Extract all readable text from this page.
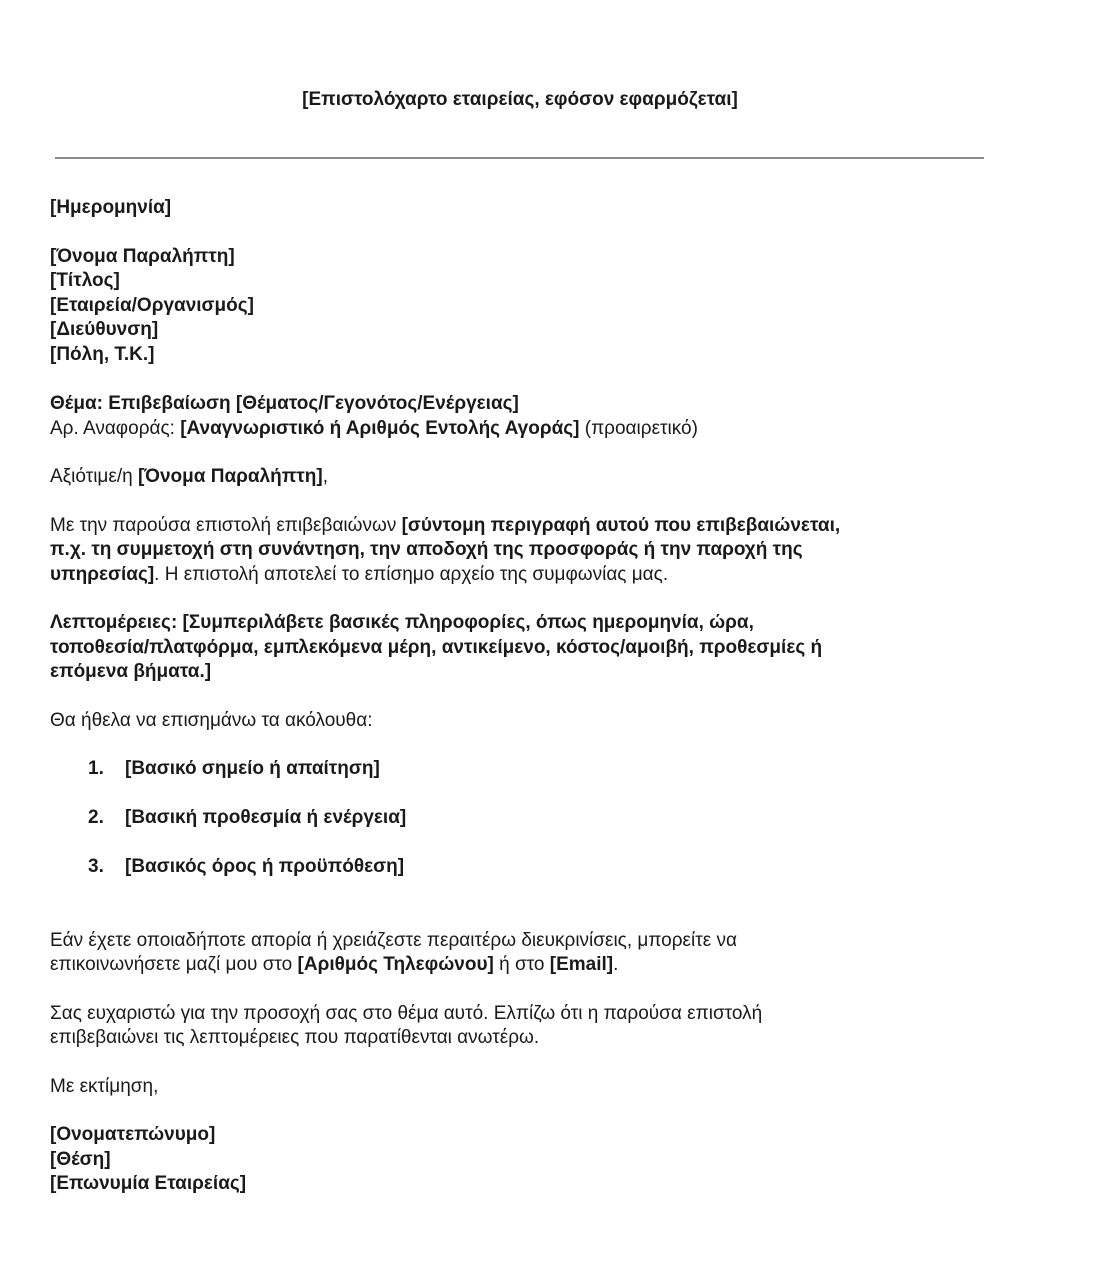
[Επιστολόχαρτο εταιρείας, εφόσον εφαρμόζεται]
[Ημερομηνία]
[Όνομα Παραλήπτη]
[Τίτλος]
[Εταιρεία/Οργανισμός]
[Διεύθυνση]
[Πόλη, Τ.Κ.]
Θέμα: Επιβεβαίωση [Θέματος/Γεγονότος/Ενέργειας]
Αρ. Αναφοράς: [Αναγνωριστικό ή Αριθμός Εντολής Αγοράς] (προαιρετικό)
Αξιότιμε/η [Όνομα Παραλήπτη],
Με την παρούσα επιστολή επιβεβαιώνων [σύντομη περιγραφή αυτού που επιβεβαιώνεται,
π.χ. τη συμμετοχή στη συνάντηση, την αποδοχή της προσφοράς ή την παροχή της
υπηρεσίας]. Η επιστολή αποτελεί το επίσημο αρχείο της συμφωνίας μας.
Λεπτομέρειες: [Συμπεριλάβετε βασικές πληροφορίες, όπως ημερομηνία, ώρα,
τοποθεσία/πλατφόρμα, εμπλεκόμενα μέρη, αντικείμενο, κόστος/αμοιβή, προθεσμίες ή
επόμενα βήματα.]
Θα ήθελα να επισημάνω τα ακόλουθα:
1. [Βασικό σημείο ή απαίτηση]
2. [Βασική προθεσμία ή ενέργεια]
3. [Βασικός όρος ή προϋπόθεση]
Εάν έχετε οποιαδήποτε απορία ή χρειάζεστε περαιτέρω διευκρινίσεις, μπορείτε να
επικοινωνήσετε μαζί μου στο [Αριθμός Τηλεφώνου] ή στο [Email].
Σας ευχαριστώ για την προσοχή σας στο θέμα αυτό. Ελπίζω ότι η παρούσα επιστολή
επιβεβαιώνει τις λεπτομέρειες που παρατίθενται ανωτέρω.
Με εκτίμηση,
[Ονοματεπώνυμο]
[Θέση]
[Επωνυμία Εταιρείας]
